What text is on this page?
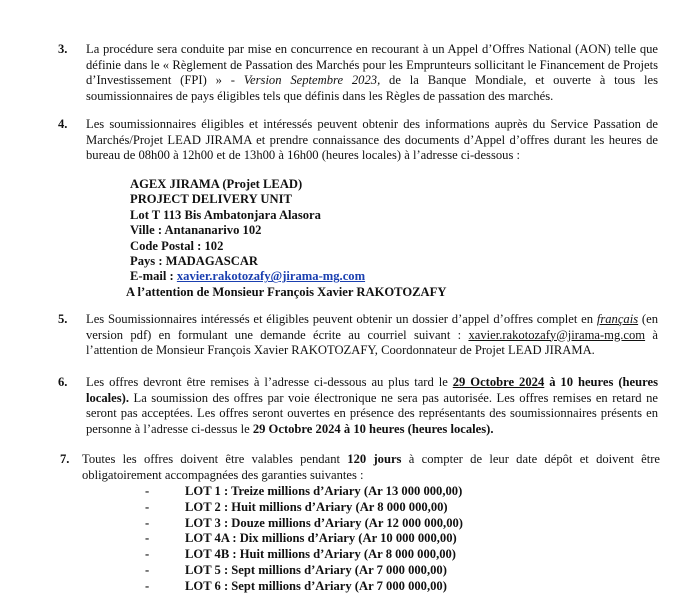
3.	La procédure sera conduite par mise en concurrence en recourant à un Appel d’Offres National (AON) telle que définie dans le « Règlement de Passation des Marchés pour les Emprunteurs sollicitant le Financement de Projets d’Investissement (FPI) » - Version Septembre 2023, de la Banque Mondiale, et ouverte à tous les soumissionnaires de pays éligibles tels que définis dans les Règles de passation des marchés.
4.	Les soumissionnaires éligibles et intéressés peuvent obtenir des informations auprès du Service Passation de Marchés/Projet LEAD JIRAMA et prendre connaissance des documents d’Appel d’offres durant les heures de bureau de 08h00 à 12h00 et de 13h00 à 16h00 (heures locales) à l’adresse ci-dessous :
AGEX JIRAMA (Projet LEAD)
PROJECT DELIVERY UNIT
Lot T 113 Bis Ambatonjara Alasora
Ville : Antananarivo 102
Code Postal : 102
Pays : MADAGASCAR
E-mail : xavier.rakotozafy@jirama-mg.com
A l’attention de Monsieur François Xavier RAKOTOZAFY
5.	Les Soumissionnaires intéressés et éligibles peuvent obtenir un dossier d’appel d’offres complet en français (en version pdf) en formulant une demande écrite au courriel suivant : xavier.rakotozafy@jirama-mg.com à l’attention de Monsieur François Xavier RAKOTOZAFY, Coordonnateur de Projet LEAD JIRAMA.
6.	Les offres devront être remises à l’adresse ci-dessous au plus tard le 29 Octobre 2024 à 10 heures (heures locales). La soumission des offres par voie électronique ne sera pas autorisée. Les offres remises en retard ne seront pas acceptées. Les offres seront ouvertes en présence des représentants des soumissionnaires présents en personne à l’adresse ci-dessus le 29 Octobre 2024 à 10 heures (heures locales).
7. Toutes les offres doivent être valables pendant 120 jours à compter de leur date dépôt et doivent être obligatoirement accompagnées des garanties suivantes :
-	LOT 1 : Treize millions d’Ariary (Ar 13 000 000,00)
-	LOT 2 : Huit millions d’Ariary (Ar 8 000 000,00)
-	LOT 3 : Douze millions d’Ariary (Ar 12 000 000,00)
-	LOT 4A : Dix millions d’Ariary (Ar 10 000 000,00)
-	LOT 4B : Huit millions d’Ariary (Ar 8 000 000,00)
-	LOT 5 : Sept millions d’Ariary (Ar 7 000 000,00)
-	LOT 6 : Sept millions d’Ariary (Ar 7 000 000,00)
